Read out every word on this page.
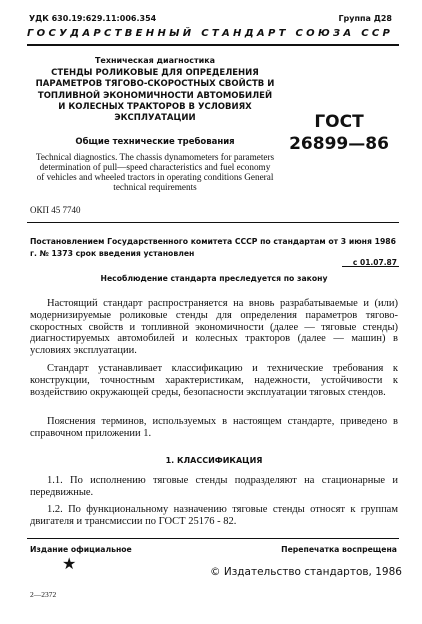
УДК 630.19:629.11:006.354	Группа Д28
ГОСУДАРСТВЕННЫЙ СТАНДАРТ СОЮЗА ССР
Техническая диагностика
СТЕНДЫ РОЛИКОВЫЕ ДЛЯ ОПРЕДЕЛЕНИЯ ПАРАМЕТРОВ ТЯГОВО-СКОРОСТНЫХ СВОЙСТВ И ТОПЛИВНОЙ ЭКОНОМИЧНОСТИ АВТОМОБИЛЕЙ И КОЛЕСНЫХ ТРАКТОРОВ В УСЛОВИЯХ ЭКСПЛУАТАЦИИ
Общие технические требования
Technical diagnostics. The chassis dynamometers for parameters determination of pull—speed characteristics and fuel economy of vehicles and wheeled tractors in operating conditions General technical requirements
ГОСТ
26899—86
ОКП 45 7740
Постановлением Государственного комитета СССР по стандартам от 3 июня 1986 г. № 1373 срок введения установлен
с 01.07.87
Несоблюдение стандарта преследуется по закону

Настоящий стандарт распространяется на вновь разрабатываемые и (или) модернизируемые роликовые стенды для определения параметров тягово-скоростных свойств и топливной экономичности (далее — тяговые стенды) диагностируемых автомобилей и колесных тракторов (далее — машин) в условиях эксплуатации.

Стандарт устанавливает классификацию и технические требования к конструкции, точностным характеристикам, надежности, устойчивости к воздействию окружающей среды, безопасности эксплуатации тяговых стендов.

Пояснения терминов, используемых в настоящем стандарте, приведено в справочном приложении 1.

1. КЛАССИФИКАЦИЯ

1.1. По исполнению тяговые стенды подразделяют на стационарные и передвижные.

1.2. По функциональному назначению тяговые стенды относят к группам двигателя и трансмиссии по ГОСТ 25176 - 82.

Издание официальное	Перепечатка воспрещена
★	© Издательство стандартов, 1986
2—2372
